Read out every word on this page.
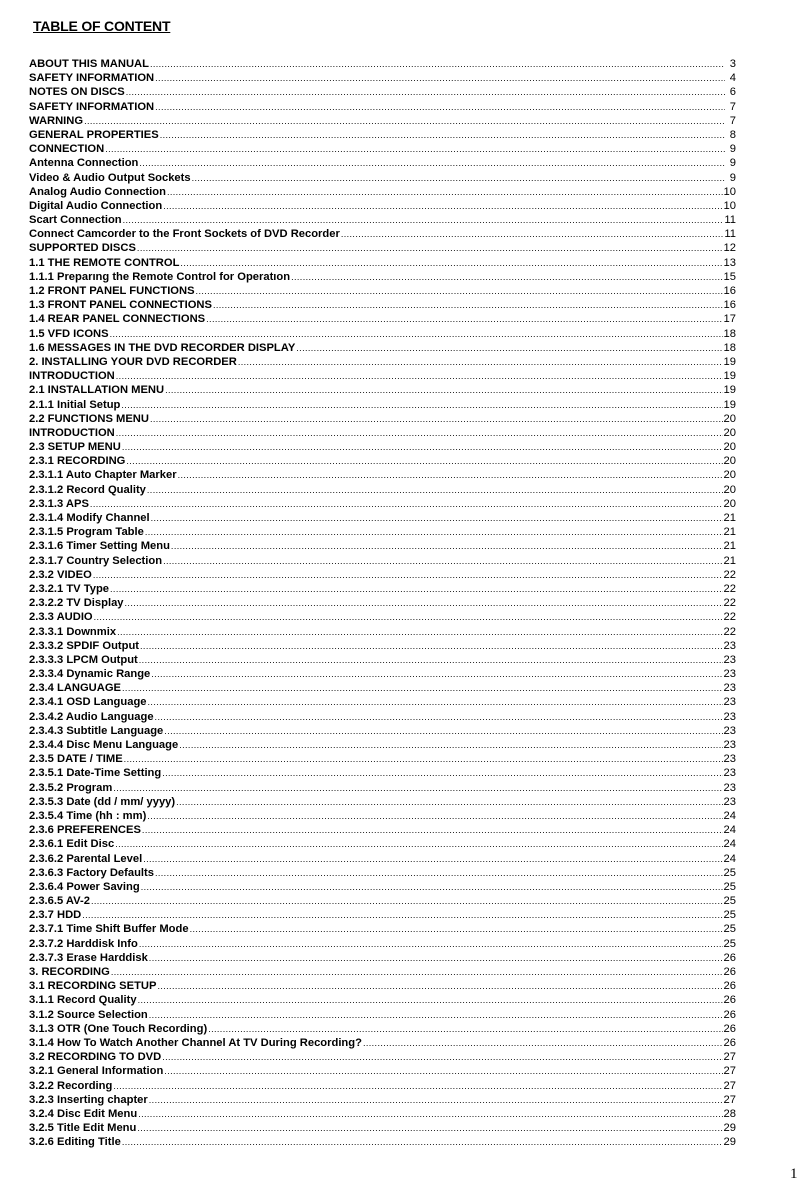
TABLE OF CONTENT
ABOUT THIS MANUAL .....	3
SAFETY INFORMATION .....	4
NOTES ON DISCS .....	6
SAFETY INFORMATION .....	7
WARNING .....	7
GENERAL PROPERTIES .....	8
CONNECTION .....	9
Antenna Connection .....	9
Video & Audio Output Sockets .....	9
Analog Audio Connection .....	10
Digital Audio Connection .....	10
Scart Connection .....	11
Connect Camcorder to the Front Sockets of DVD Recorder .....	11
SUPPORTED DISCS .....	12
1.1 THE REMOTE CONTROL .....	13
1.1.1 Preparıng the Remote Control for Operatıon .....	15
1.2 FRONT PANEL FUNCTIONS .....	16
1.3 FRONT PANEL CONNECTIONS .....	16
1.4 REAR PANEL CONNECTIONS .....	17
1.5 VFD ICONS .....	18
1.6 MESSAGES IN THE DVD RECORDER DISPLAY .....	18
2. INSTALLING YOUR DVD RECORDER .....	19
INTRODUCTION .....	19
2.1 INSTALLATION MENU .....	19
2.1.1 Initial Setup .....	19
2.2 FUNCTIONS MENU .....	20
INTRODUCTION .....	20
2.3 SETUP MENU .....	20
2.3.1 RECORDING .....	20
2.3.1.1 Auto Chapter Marker .....	20
2.3.1.2 Record Quality .....	20
2.3.1.3 APS .....	20
2.3.1.4 Modify Channel .....	21
2.3.1.5 Program Table .....	21
2.3.1.6 Timer Setting Menu .....	21
2.3.1.7 Country Selection .....	21
2.3.2 VIDEO .....	22
2.3.2.1 TV Type .....	22
2.3.2.2 TV Display .....	22
2.3.3 AUDIO .....	22
2.3.3.1 Downmix .....	22
2.3.3.2 SPDIF Output .....	23
2.3.3.3 LPCM Output .....	23
2.3.3.4 Dynamic Range .....	23
2.3.4 LANGUAGE .....	23
2.3.4.1 OSD Language .....	23
2.3.4.2 Audio Language .....	23
2.3.4.3 Subtitle Language .....	23
2.3.4.4 Disc Menu Language .....	23
2.3.5 DATE / TIME .....	23
2.3.5.1 Date-Time Setting .....	23
2.3.5.2 Program .....	23
2.3.5.3 Date (dd / mm/ yyyy) .....	23
2.3.5.4 Time (hh : mm) .....	24
2.3.6 PREFERENCES .....	24
2.3.6.1 Edit Disc .....	24
2.3.6.2 Parental Level .....	24
2.3.6.3 Factory Defaults .....	25
2.3.6.4 Power Saving .....	25
2.3.6.5 AV-2 .....	25
2.3.7 HDD .....	25
2.3.7.1 Time Shift Buffer Mode .....	25
2.3.7.2 Harddisk Info .....	25
2.3.7.3 Erase Harddisk .....	26
3. RECORDING .....	26
3.1 RECORDING SETUP .....	26
3.1.1 Record Quality .....	26
3.1.2 Source Selection .....	26
3.1.3 OTR (One Touch Recording) .....	26
3.1.4 How To Watch Another Channel At TV During Recording? .....	26
3.2 RECORDING TO DVD .....	27
3.2.1 General Information .....	27
3.2.2 Recording .....	27
3.2.3 Inserting chapter .....	27
3.2.4 Disc Edit Menu .....	28
3.2.5 Title Edit Menu .....	29
3.2.6 Editing Title .....	29
1
